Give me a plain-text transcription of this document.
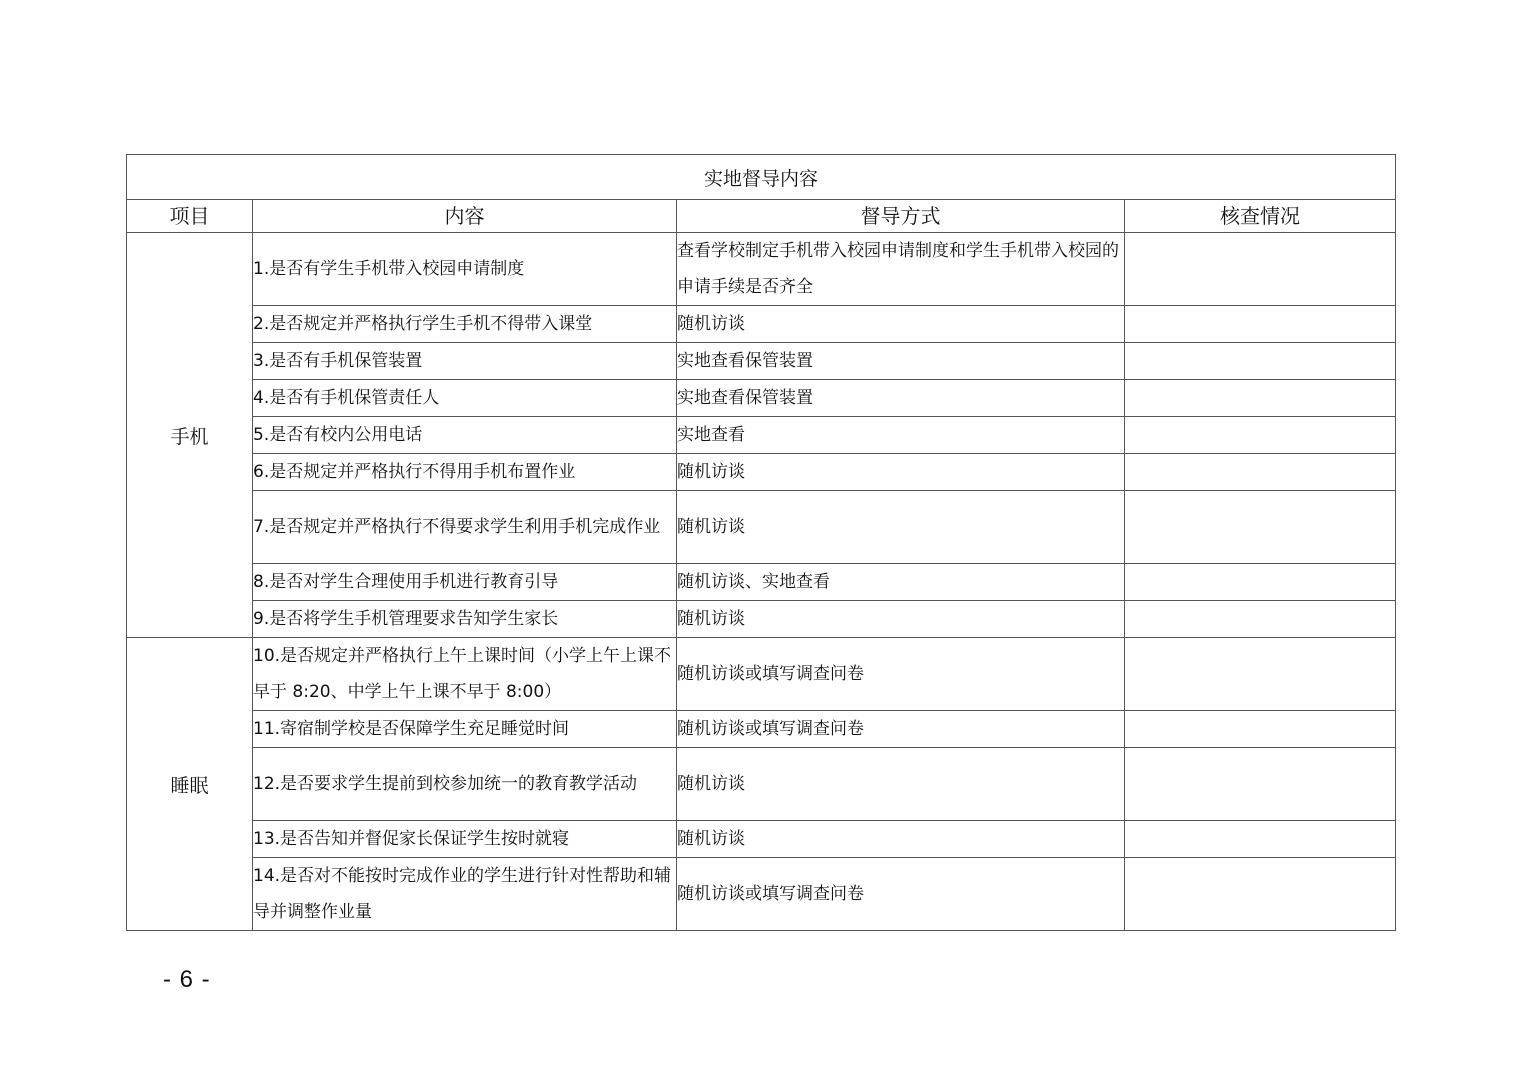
实地督导内容			
项目	内容	督导方式	核查情况
手机	1.是否有学生手机带入校园申请制度	查看学校制定手机带入校园申请制度和学生手机带入校园的申请手续是否齐全	
	2.是否规定并严格执行学生手机不得带入课堂	随机访谈	
	3.是否有手机保管装置	实地查看保管装置	
	4.是否有手机保管责任人	实地查看保管装置	
	5.是否有校内公用电话	实地查看	
	6.是否规定并严格执行不得用手机布置作业	随机访谈	
	7.是否规定并严格执行不得要求学生利用手机完成作业	随机访谈	
	8.是否对学生合理使用手机进行教育引导	随机访谈、实地查看	
	9.是否将学生手机管理要求告知学生家长	随机访谈	
睡眠	10.是否规定并严格执行上午上课时间（小学上午上课不早于 8:20、中学上午上课不早于 8:00）	随机访谈或填写调查问卷	
	11.寄宿制学校是否保障学生充足睡觉时间	随机访谈或填写调查问卷	
	12.是否要求学生提前到校参加统一的教育教学活动	随机访谈	
	13.是否告知并督促家长保证学生按时就寝	随机访谈	
	14.是否对不能按时完成作业的学生进行针对性帮助和辅导并调整作业量	随机访谈或填写调查问卷	
- 6 -
